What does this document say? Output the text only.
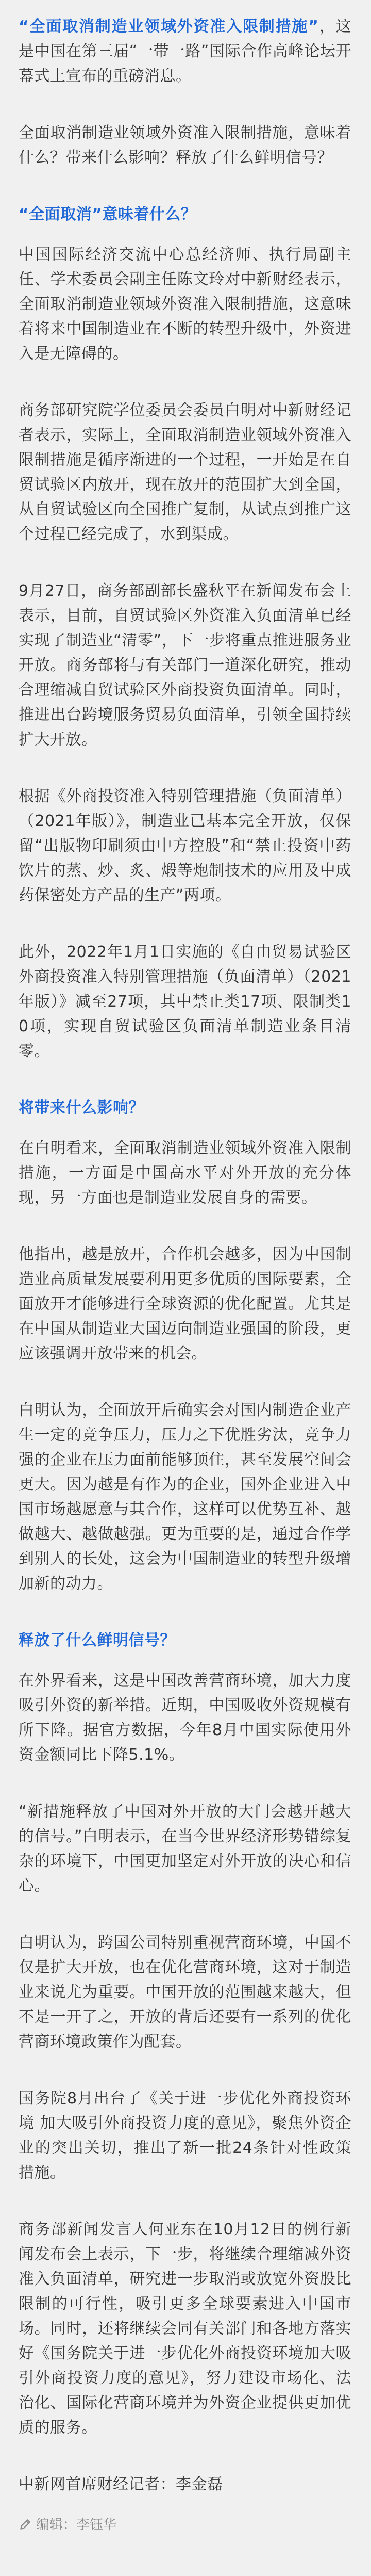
“全面取消制造业领域外资准入限制措施”，这是中国在第三届“一带一路”国际合作高峰论坛开幕式上宣布的重磅消息。

全面取消制造业领域外资准入限制措施，意味着什么？带来什么影响？释放了什么鲜明信号？

“全面取消”意味着什么？

中国国际经济交流中心总经济师、执行局副主任、学术委员会副主任陈文玲对中新财经表示，全面取消制造业领域外资准入限制措施，这意味着将来中国制造业在不断的转型升级中，外资进入是无障碍的。

商务部研究院学位委员会委员白明对中新财经记者表示，实际上，全面取消制造业领域外资准入限制措施是循序渐进的一个过程，一开始是在自贸试验区内放开，现在放开的范围扩大到全国，从自贸试验区向全国推广复制，从试点到推广这个过程已经完成了，水到渠成。

9月27日，商务部副部长盛秋平在新闻发布会上表示，目前，自贸试验区外资准入负面清单已经实现了制造业“清零”，下一步将重点推进服务业开放。商务部将与有关部门一道深化研究，推动合理缩减自贸试验区外商投资负面清单。同时，推进出台跨境服务贸易负面清单，引领全国持续扩大开放。

根据《外商投资准入特别管理措施（负面清单）（2021年版）》，制造业已基本完全开放，仅保留“出版物印刷须由中方控股”和“禁止投资中药饮片的蒸、炒、炙、煅等炮制技术的应用及中成药保密处方产品的生产”两项。

此外，2022年1月1日实施的《自由贸易试验区外商投资准入特别管理措施（负面清单）（2021年版）》减至27项，其中禁止类17项、限制类10项，实现自贸试验区负面清单制造业条目清零。

将带来什么影响？

在白明看来，全面取消制造业领域外资准入限制措施，一方面是中国高水平对外开放的充分体现，另一方面也是制造业发展自身的需要。

他指出，越是放开，合作机会越多，因为中国制造业高质量发展要利用更多优质的国际要素，全面放开才能够进行全球资源的优化配置。尤其是在中国从制造业大国迈向制造业强国的阶段，更应该强调开放带来的机会。

白明认为，全面放开后确实会对国内制造企业产生一定的竞争压力，压力之下优胜劣汰，竞争力强的企业在压力面前能够顶住，甚至发展空间会更大。因为越是有作为的企业，国外企业进入中国市场越愿意与其合作，这样可以优势互补、越做越大、越做越强。更为重要的是，通过合作学到别人的长处，这会为中国制造业的转型升级增加新的动力。

释放了什么鲜明信号？

在外界看来，这是中国改善营商环境，加大力度吸引外资的新举措。近期，中国吸收外资规模有所下降。据官方数据，今年8月中国实际使用外资金额同比下降5.1%。

“新措施释放了中国对外开放的大门会越开越大的信号。”白明表示，在当今世界经济形势错综复杂的环境下，中国更加坚定对外开放的决心和信心。

白明认为，跨国公司特别重视营商环境，中国不仅是扩大开放，也在优化营商环境，这对于制造业来说尤为重要。中国开放的范围越来越大，但不是一开了之，开放的背后还要有一系列的优化营商环境政策作为配套。

国务院8月出台了《关于进一步优化外商投资环境 加大吸引外商投资力度的意见》，聚焦外资企业的突出关切，推出了新一批24条针对性政策措施。

商务部新闻发言人何亚东在10月12日的例行新闻发布会上表示，下一步，将继续合理缩减外资准入负面清单，研究进一步取消或放宽外资股比限制的可行性，吸引更多全球要素进入中国市场。同时，还将继续会同有关部门和各地方落实好《国务院关于进一步优化外商投资环境加大吸引外商投资力度的意见》，努力建设市场化、法治化、国际化营商环境并为外资企业提供更加优质的服务。

中新网首席财经记者：李金磊

编辑：李钰华
